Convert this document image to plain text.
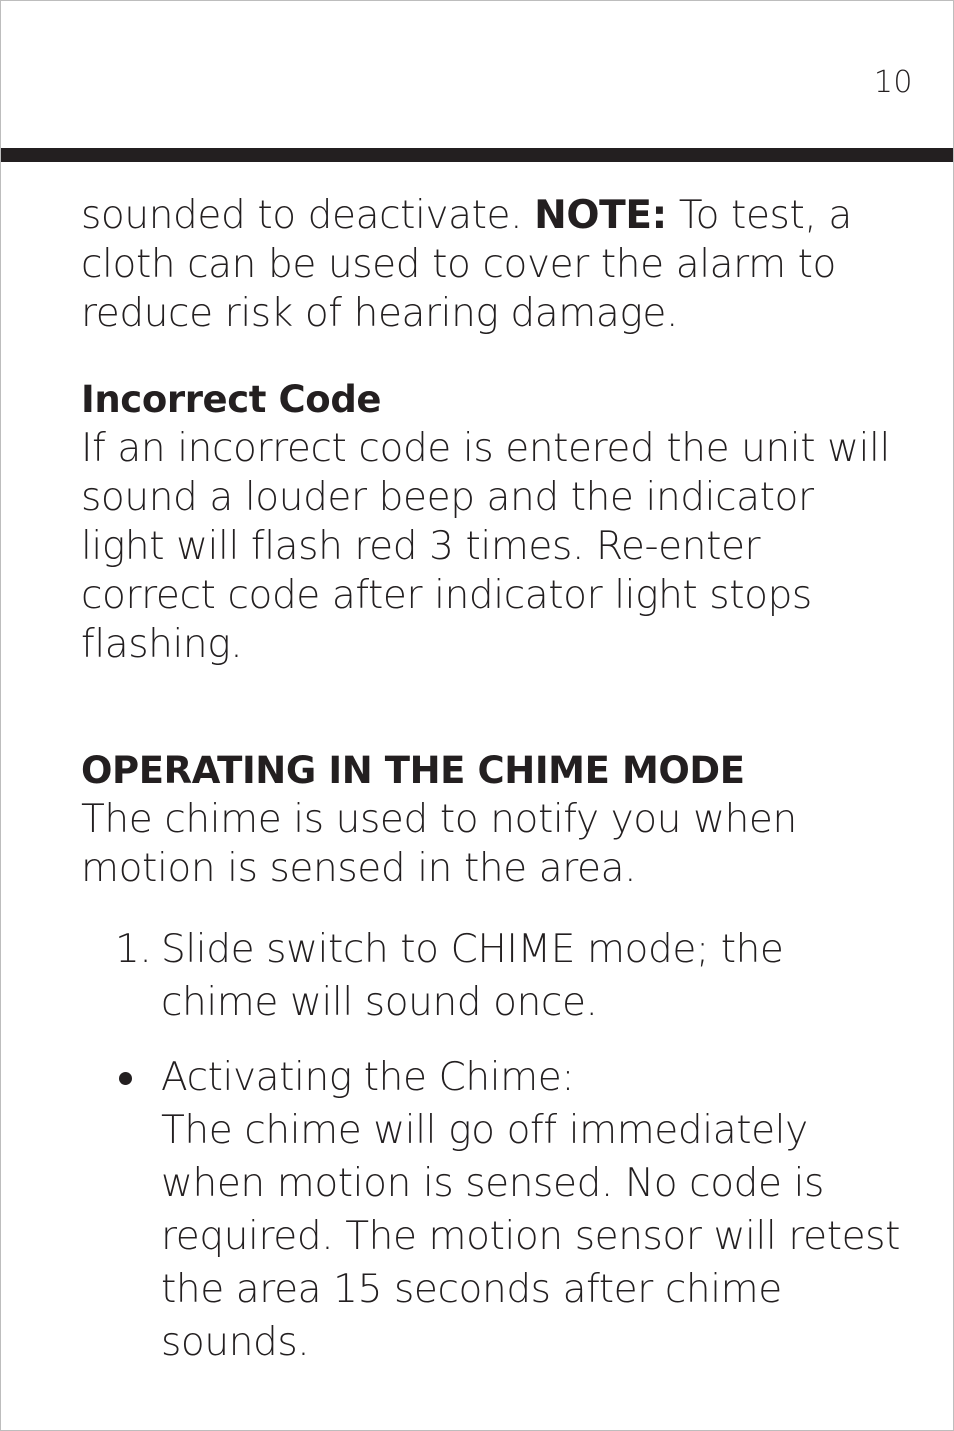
10

sounded to deactivate. NOTE: To test, a cloth can be used to cover the alarm to reduce risk of hearing damage.

Incorrect Code

If an incorrect code is entered the unit will sound a louder beep and the indicator light will flash red 3 times. Re-enter correct code after indicator light stops flashing.

OPERATING IN THE CHIME MODE

The chime is used to notify you when motion is sensed in the area.

1. Slide switch to CHIME mode; the chime will sound once.
Activating the Chime:
The chime will go off immediately when motion is sensed. No code is required. The motion sensor will retest the area 15 seconds after chime sounds.
